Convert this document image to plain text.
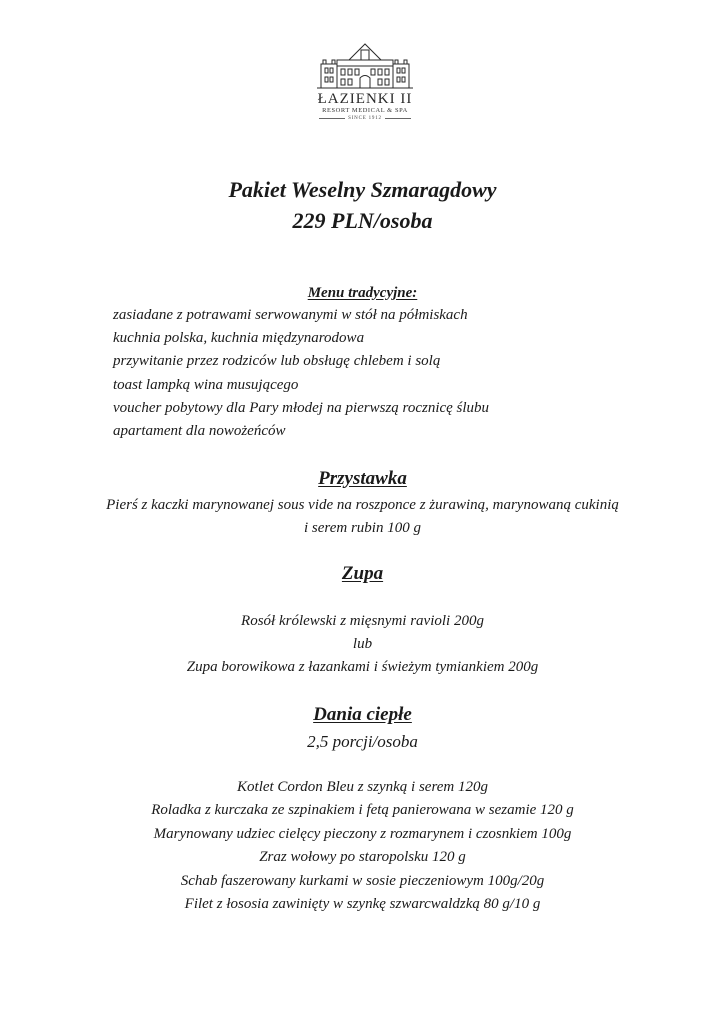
ŁAZIENKI II
RESORT MEDICAL & SPA
SINCE 1912
Pakiet Weselny Szmaragdowy
229 PLN/osoba
Menu tradycyjne:
zasiadane z potrawami serwowanymi w stół na półmiskach
kuchnia polska, kuchnia międzynarodowa
przywitanie przez rodziców lub obsługę chlebem i solą
toast lampką wina musującego
voucher pobytowy dla Pary młodej na pierwszą rocznicę ślubu
apartament dla nowożeńców
Przystawka
Pierś z kaczki marynowanej sous vide na roszponce z żurawiną, marynowaną cukinią
i serem rubin 100 g
Zupa
Rosół królewski z mięsnymi ravioli 200g
lub
Zupa borowikowa z łazankami i świeżym tymiankiem 200g
Dania ciepłe
2,5 porcji/osoba
Kotlet Cordon Bleu z szynką i serem 120g
Roladka z kurczaka ze szpinakiem i fetą panierowana w sezamie 120 g
Marynowany udziec cielęcy pieczony z rozmarynem i czosnkiem 100g
Zraz wołowy po staropolsku 120 g
Schab faszerowany kurkami w sosie pieczeniowym 100g/20g
Filet z łososia zawinięty w szynkę szwarcwaldzką 80 g/10 g
